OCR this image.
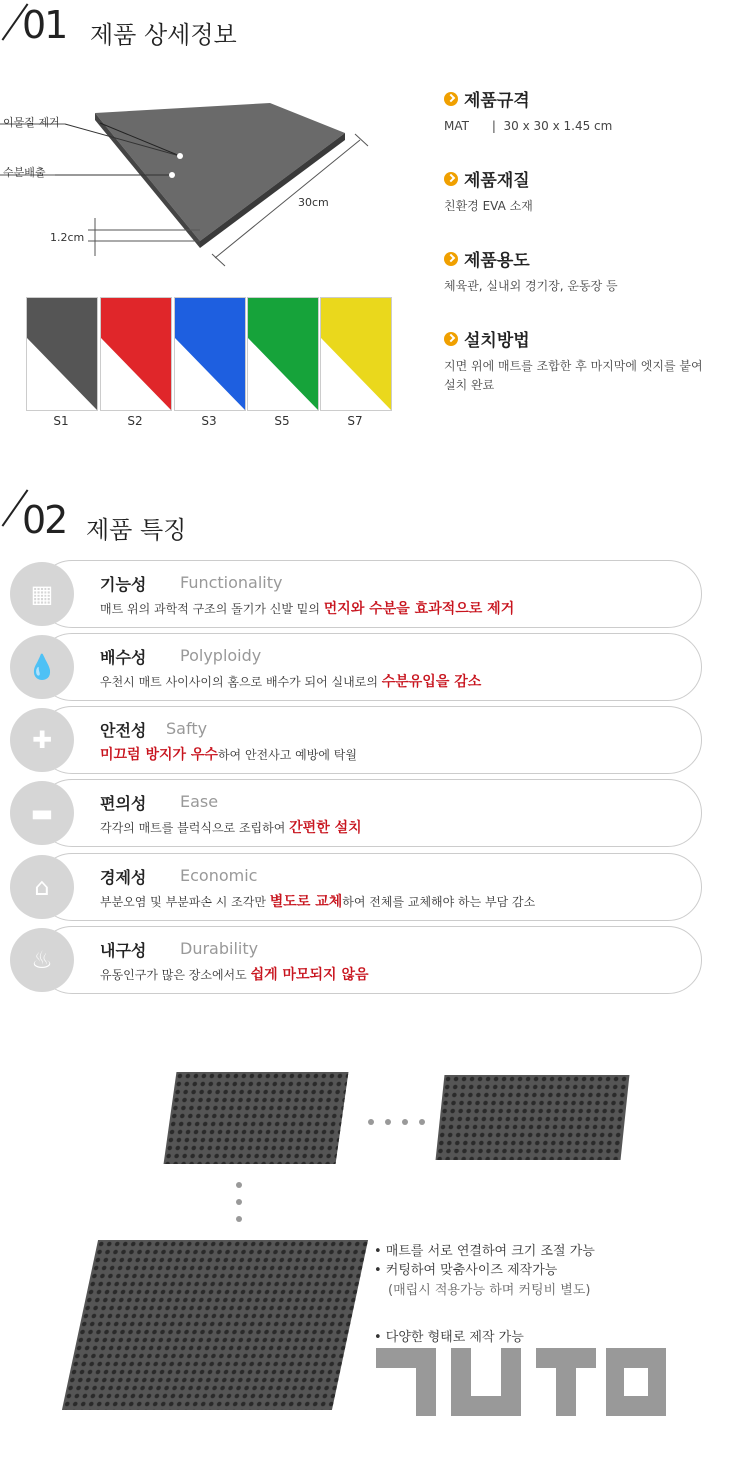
01 제품 상세정보
이물질 제거
수분배출
1.2cm
30cm
S1	S2	S3	S5	S7
제품규격
MAT      |  30 x 30 x 1.45 cm
제품재질
친환경 EVA 소재
제품용도
체육관, 실내외 경기장, 운동장 등
설치방법
지면 위에 매트를 조합한 후 마지막에 엣지를 붙여 설치 완료
02 제품 특징
▦	기능성 Functionality
매트 위의 과학적 구조의 돌기가 신발 밑의 먼지와 수분을 효과적으로 제거
💧	배수성 Polyploidy
우천시 매트 사이사이의 홈으로 배수가 되어 실내로의 수분유입을 감소
✚	안전성 Safty
미끄럼 방지가 우수하여 안전사고 예방에 탁월
▬	편의성 Ease
각각의 매트를 블럭식으로 조립하여 간편한 설치
⌂	경제성 Economic
부분오염 및 부분파손 시 조각만 별도로 교체하여 전체를 교체해야 하는 부담 감소
♨	내구성 Durability
유동인구가 많은 장소에서도 쉽게 마모되지 않음
• 매트를 서로 연결하여 크기 조절 가능
• 커팅하여 맞춤사이즈 제작가능
(매립시 적용가능 하며 커팅비 별도)
• 다양한 형태로 제작 가능
